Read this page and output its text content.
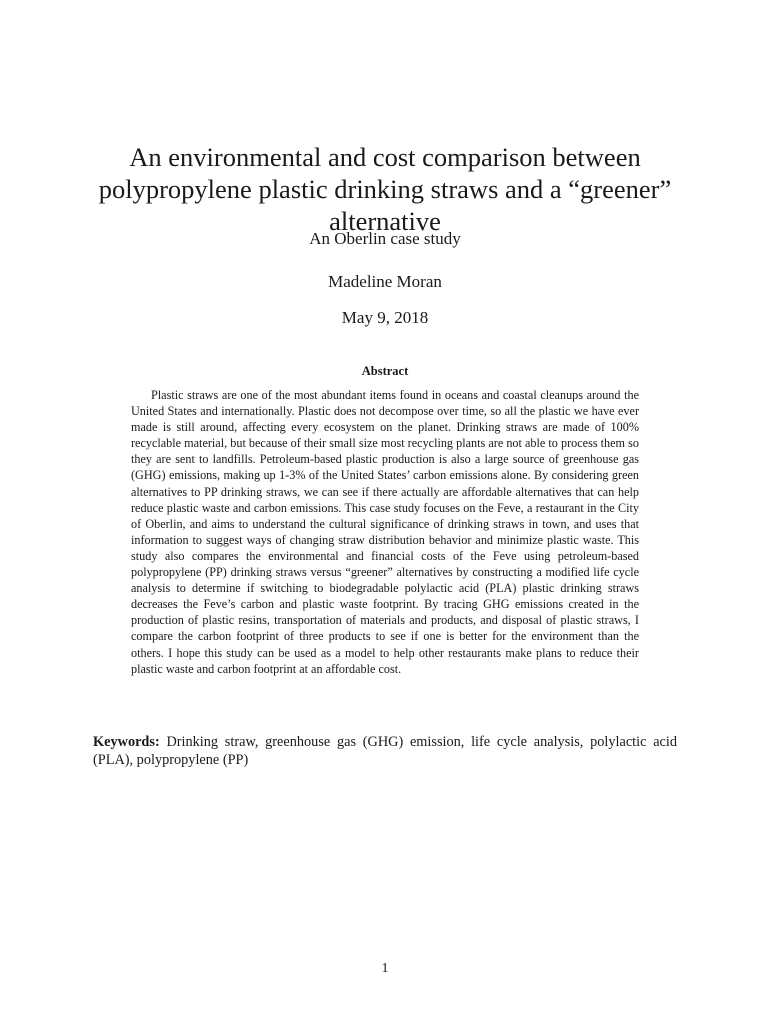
An environmental and cost comparison between polypropylene plastic drinking straws and a “greener” alternative

An Oberlin case study

Madeline Moran

May 9, 2018

Abstract

Plastic straws are one of the most abundant items found in oceans and coastal cleanups around the United States and internationally. Plastic does not decompose over time, so all the plastic we have ever made is still around, affecting every ecosystem on the planet. Drinking straws are made of 100% recyclable material, but because of their small size most recycling plants are not able to process them so they are sent to landfills. Petroleum-based plastic production is also a large source of greenhouse gas (GHG) emissions, making up 1-3% of the United States’ carbon emissions alone. By considering green alternatives to PP drinking straws, we can see if there actually are affordable alternatives that can help reduce plastic waste and carbon emissions. This case study focuses on the Feve, a restaurant in the City of Oberlin, and aims to understand the cultural significance of drinking straws in town, and uses that information to suggest ways of changing straw distribution behavior and minimize plastic waste. This study also compares the environmental and financial costs of the Feve using petroleum-based polypropylene (PP) drinking straws versus “greener” alternatives by constructing a modified life cycle analysis to determine if switching to biodegradable polylactic acid (PLA) plastic drinking straws decreases the Feve’s carbon and plastic waste footprint. By tracing GHG emissions created in the production of plastic resins, transportation of materials and products, and disposal of plastic straws, I compare the carbon footprint of three products to see if one is better for the environment than the others. I hope this study can be used as a model to help other restaurants make plans to reduce their plastic waste and carbon footprint at an affordable cost.

Keywords: Drinking straw, greenhouse gas (GHG) emission, life cycle analysis, polylactic acid (PLA), polypropylene (PP)

1
